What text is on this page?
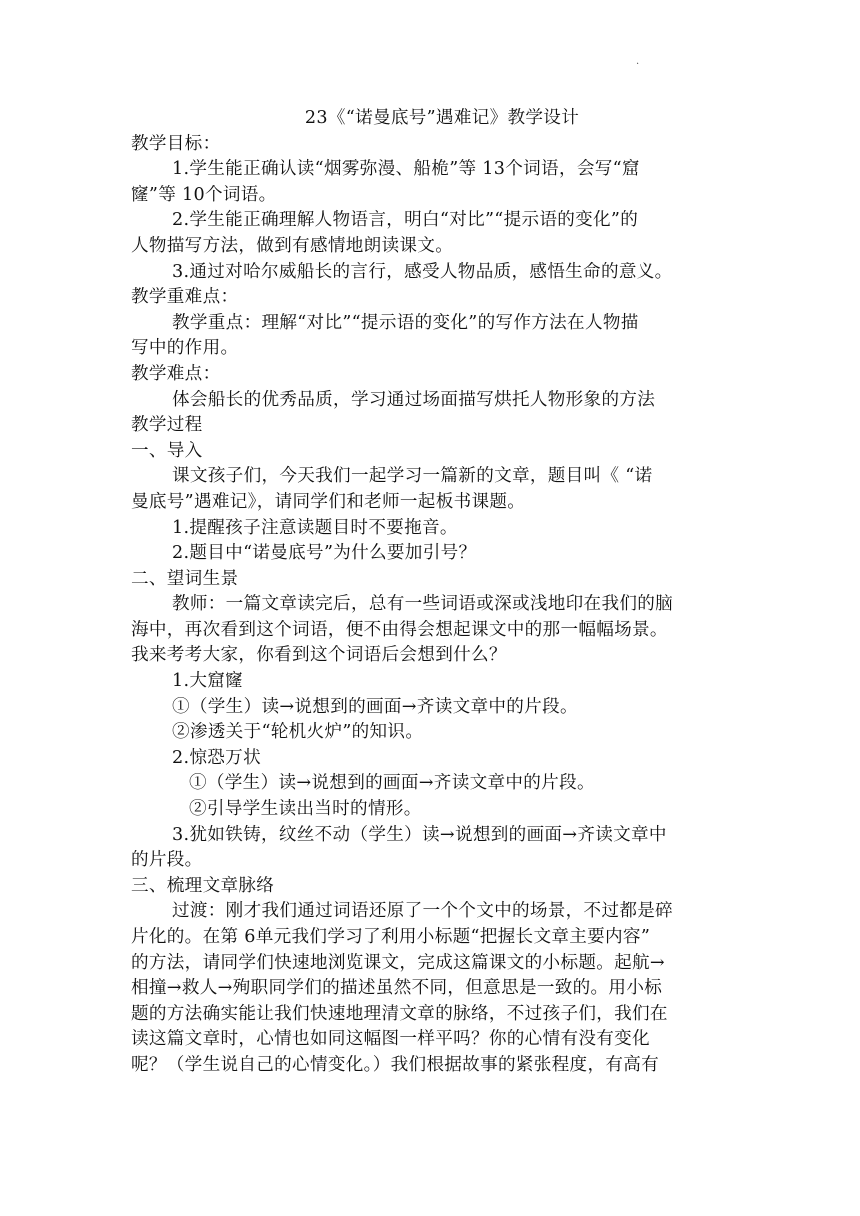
.
23《“诺曼底号”遇难记》教学设计
教学目标：
1.学生能正确认读“烟雾弥漫、船桅”等 13个词语，会写“窟
窿”等 10个词语。
2.学生能正确理解人物语言，明白“对比”“提示语的变化”的
人物描写方法，做到有感情地朗读课文。
3.通过对哈尔威船长的言行，感受人物品质，感悟生命的意义。
教学重难点：
教学重点：理解“对比”“提示语的变化”的写作方法在人物描
写中的作用。
教学难点：
体会船长的优秀品质，学习通过场面描写烘托人物形象的方法
教学过程
一、导入
课文孩子们，今天我们一起学习一篇新的文章，题目叫《 “诺
曼底号”遇难记》，请同学们和老师一起板书课题。
1.提醒孩子注意读题目时不要拖音。
2.题目中“诺曼底号”为什么要加引号？
二、望词生景
教师：一篇文章读完后，总有一些词语或深或浅地印在我们的脑
海中，再次看到这个词语，便不由得会想起课文中的那一幅幅场景。
我来考考大家，你看到这个词语后会想到什么？
1.大窟窿
①（学生）读→说想到的画面→齐读文章中的片段。
②渗透关于“轮机火炉”的知识。
2.惊恐万状
①（学生）读→说想到的画面→齐读文章中的片段。
②引导学生读出当时的情形。
3.犹如铁铸，纹丝不动（学生）读→说想到的画面→齐读文章中
的片段。
三、梳理文章脉络
过渡：刚才我们通过词语还原了一个个文中的场景，不过都是碎
片化的。在第 6单元我们学习了利用小标题“把握长文章主要内容”
的方法，请同学们快速地浏览课文，完成这篇课文的小标题。起航→
相撞→救人→殉职同学们的描述虽然不同，但意思是一致的。用小标
题的方法确实能让我们快速地理清文章的脉络，不过孩子们，我们在
读这篇文章时，心情也如同这幅图一样平吗？你的心情有没有变化
呢？（学生说自己的心情变化。）我们根据故事的紧张程度，有高有
